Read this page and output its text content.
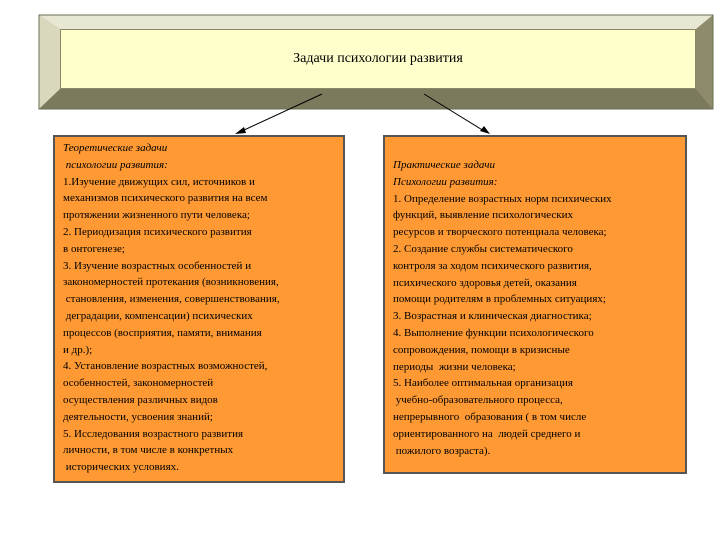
Задачи психологии развития
Теоретические задачи
психологии развития:
1.Изучение движущих сил, источников и
механизмов психического развития на всем
протяжении жизненного пути человека;
2. Периодизация психического развития
в онтогенезе;
3. Изучение возрастных особенностей и
закономерностей протекания (возникновения,
становления, изменения, совершенствования,
деградации, компенсации) психических
процессов (восприятия, памяти, внимания
и др.);
4. Установление возрастных возможностей,
особенностей, закономерностей
осуществления различных видов
деятельности, усвоения знаний;
5. Исследования возрастного развития
личности, в том числе в конкретных
исторических условиях.
Практические задачи
Психологии развития:
1. Определение возрастных норм психических
функций, выявление психологических
ресурсов и творческого потенциала человека;
2. Создание службы систематического
контроля за ходом психического развития,
психического здоровья детей, оказания
помощи родителям в проблемных ситуациях;
3. Возрастная и клиническая диагностика;
4. Выполнение функции психологического
сопровождения, помощи в кризисные
периоды  жизни человека;
5. Наиболее оптимальная организация
учебно-образовательного процесса,
непрерывного  образования ( в том числе
ориентированного на  людей среднего и
пожилого возраста).
